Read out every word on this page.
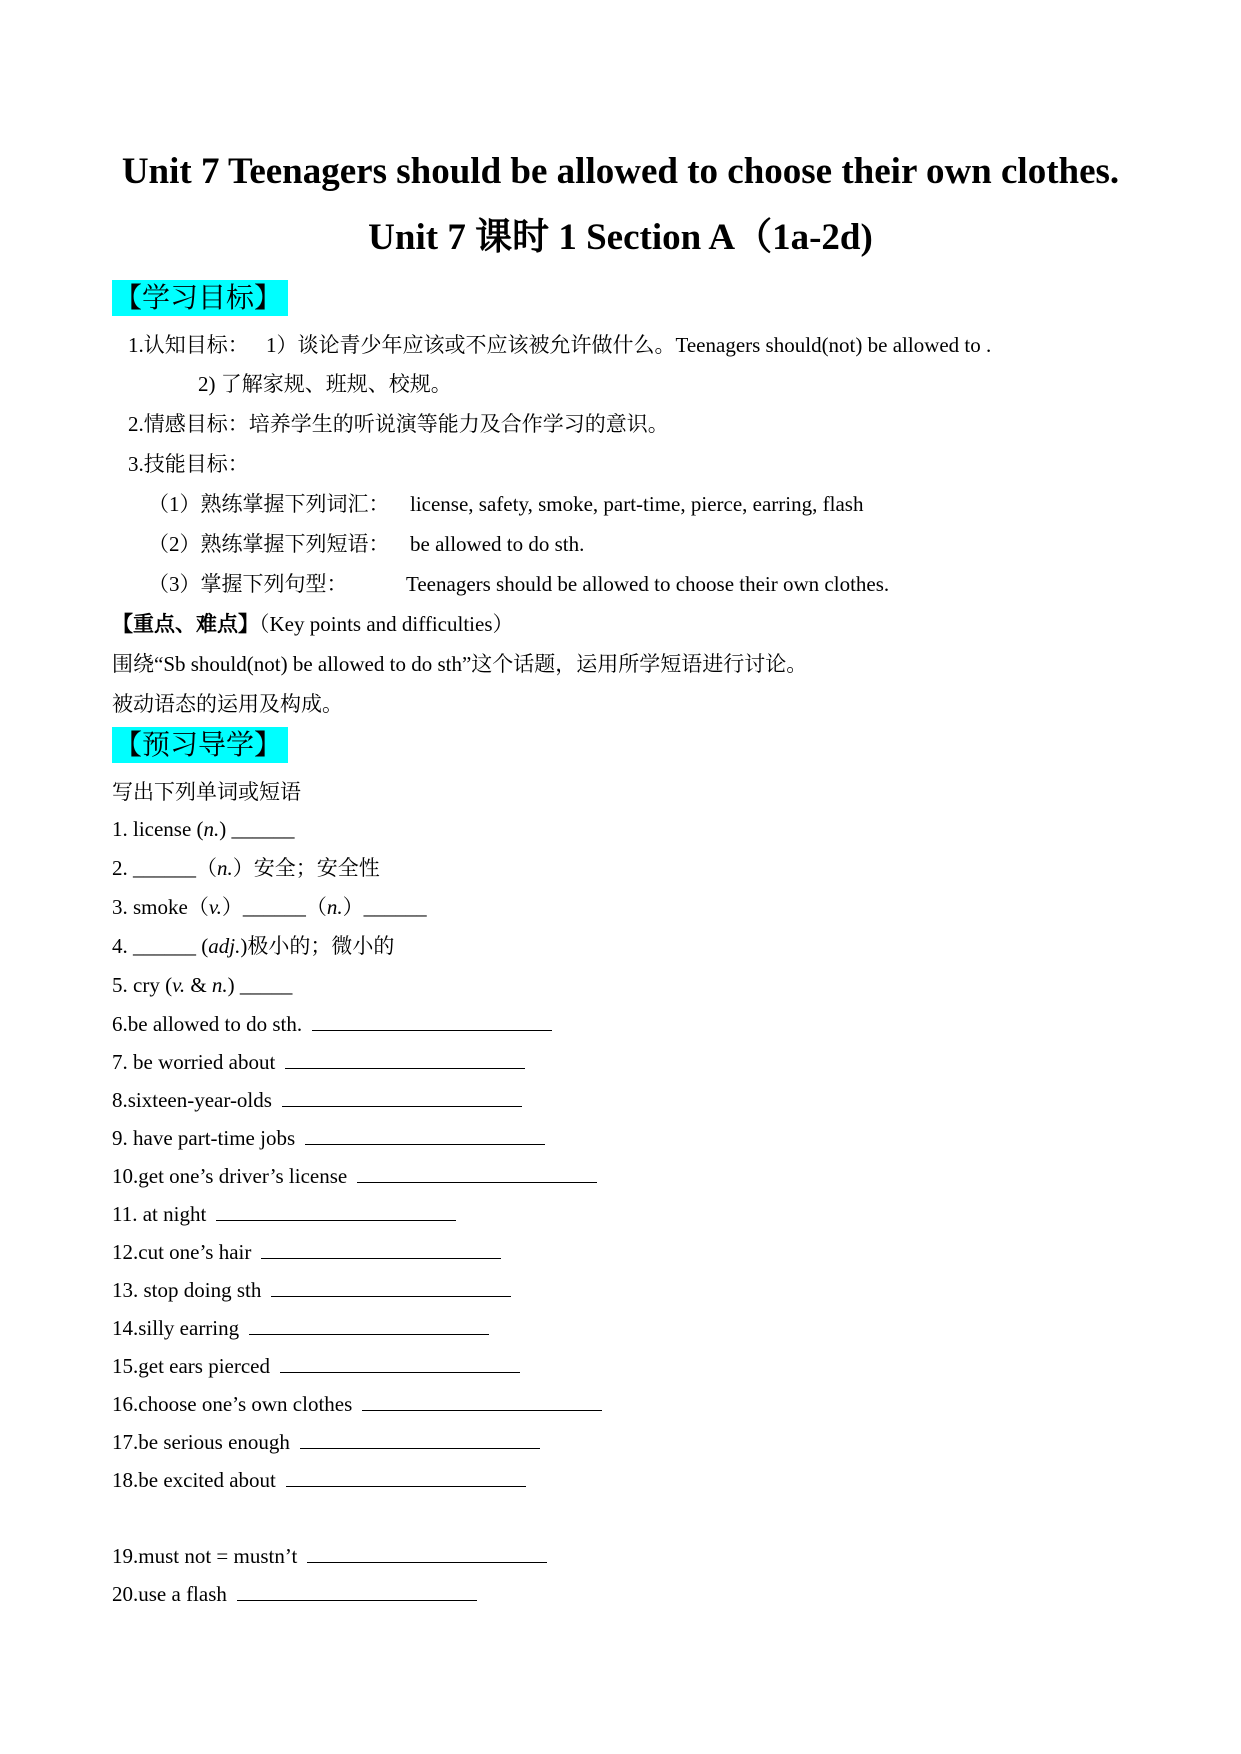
Unit 7 Teenagers should be allowed to choose their own clothes.
Unit 7 课时 1 Section A（1a-2d)
【学习目标】
1.认知目标： 1）谈论青少年应该或不应该被允许做什么。Teenagers should(not) be allowed to .
2) 了解家规、班规、校规。
2.情感目标：培养学生的听说演等能力及合作学习的意识。
3.技能目标：
（1）熟练掌握下列词汇： license, safety, smoke, part-time, pierce, earring, flash
（2）熟练掌握下列短语： be allowed to do sth.
（3）掌握下列句型：	Teenagers should be allowed to choose their own clothes.
【重点、难点】（Key points and difficulties）
围绕“Sb should(not) be allowed to do sth”这个话题，运用所学短语进行讨论。
被动语态的运用及构成。
【预习导学】
写出下列单词或短语
1. license (n.) ______
2. ______（n.）安全；安全性
3. smoke（v.）______（n.）______
4. ______ (adj.)极小的；微小的
5. cry (v. & n.) _____
6.be allowed to do sth.
7. be worried about
8.sixteen-year-olds
9. have part-time jobs
10.get one’s driver’s license
11. at night
12.cut one’s hair
13. stop doing sth
14.silly earring
15.get ears pierced
16.choose one’s own clothes
17.be serious enough
18.be excited about
19.must not = mustn’t
20.use a flash
